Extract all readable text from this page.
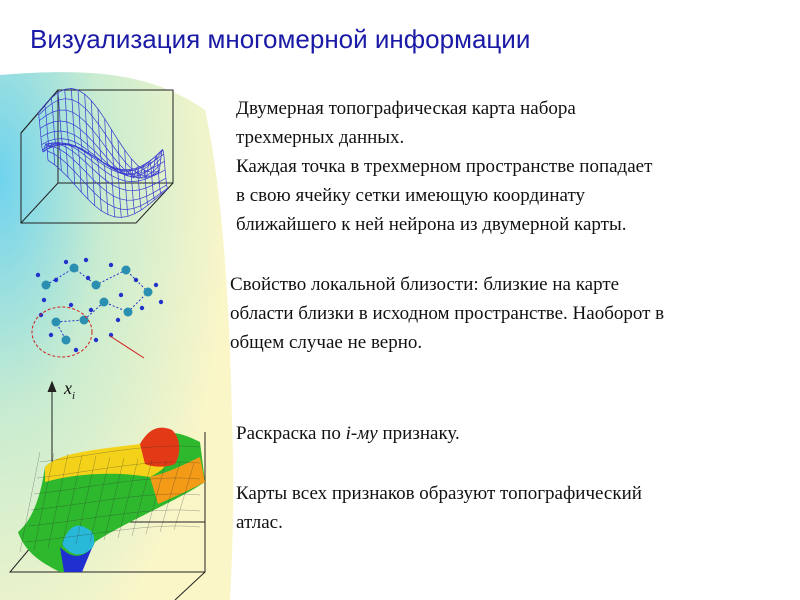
Визуализация многомерной информации
$x_i$

Двумерная топографическая карта набора

трехмерных данных.

Каждая точка в трехмерном пространстве попадает

в свою ячейку сетки имеющую координату

ближайшего к ней нейрона из двумерной карты.

Свойство локальной близости: близкие на карте

области близки в исходном пространстве. Наоборот в

общем случае не верно.

Раскраска по i-му признаку.

Карты всех признаков образуют топографический

атлас.
